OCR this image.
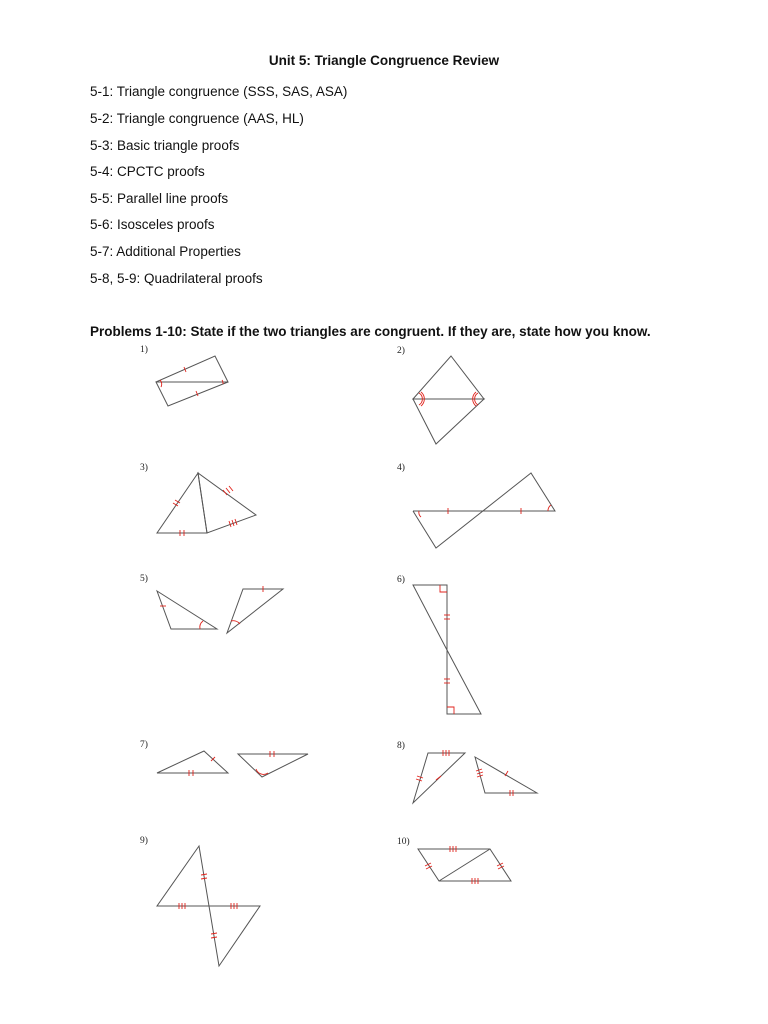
Unit 5: Triangle Congruence Review
5-1: Triangle congruence (SSS, SAS, ASA)
5-2: Triangle congruence (AAS, HL)
5-3: Basic triangle proofs
5-4: CPCTC proofs
5-5: Parallel line proofs
5-6: Isosceles proofs
5-7: Additional Properties
5-8, 5-9: Quadrilateral proofs
Problems 1-10: State if the two triangles are congruent. If they are, state how you know.
1)	2)
3)	4)
5)	6)
7)	8)
9)	10)
